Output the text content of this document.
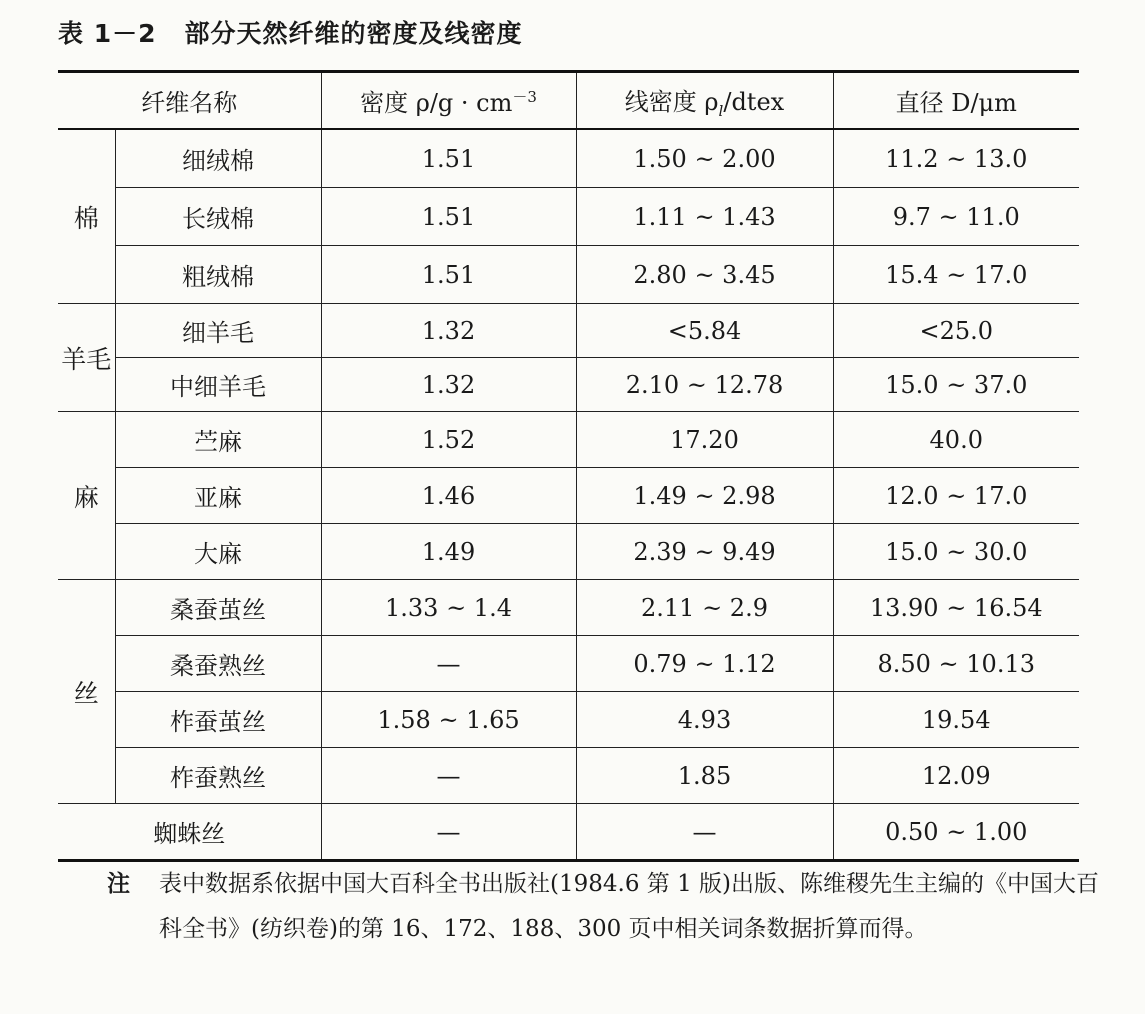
表 1－2 部分天然纤维的密度及线密度
纤维名称		密度 $\rho/g \cdot cm^{-3}$	线密度 $\rho_l$/dtex	直径 D/μm
棉	细绒棉	1.51	1.50 ~ 2.00	11.2 ~ 13.0
	长绒棉	1.51	1.11 ~ 1.43	9.7 ~ 11.0
	粗绒棉	1.51	2.80 ~ 3.45	15.4 ~ 17.0
羊毛	细羊毛	1.32	<5.84	<25.0
	中细羊毛	1.32	2.10 ~ 12.78	15.0 ~ 37.0
麻	苎麻	1.52	17.20	40.0
	亚麻	1.46	1.49 ~ 2.98	12.0 ~ 17.0
	大麻	1.49	2.39 ~ 9.49	15.0 ~ 30.0
丝	桑蚕茧丝	1.33 ~ 1.4	2.11 ~ 2.9	13.90 ~ 16.54
	桑蚕熟丝	—	0.79 ~ 1.12	8.50 ~ 10.13
	柞蚕茧丝	1.58 ~ 1.65	4.93	19.54
	柞蚕熟丝	—	1.85	12.09
蜘蛛丝		—	—	0.50 ~ 1.00
注 表中数据系依据中国大百科全书出版社(1984.6 第 1 版)出版、陈维稷先生主编的《中国大百科全书》(纺织卷)的第 16、172、188、300 页中相关词条数据折算而得。
